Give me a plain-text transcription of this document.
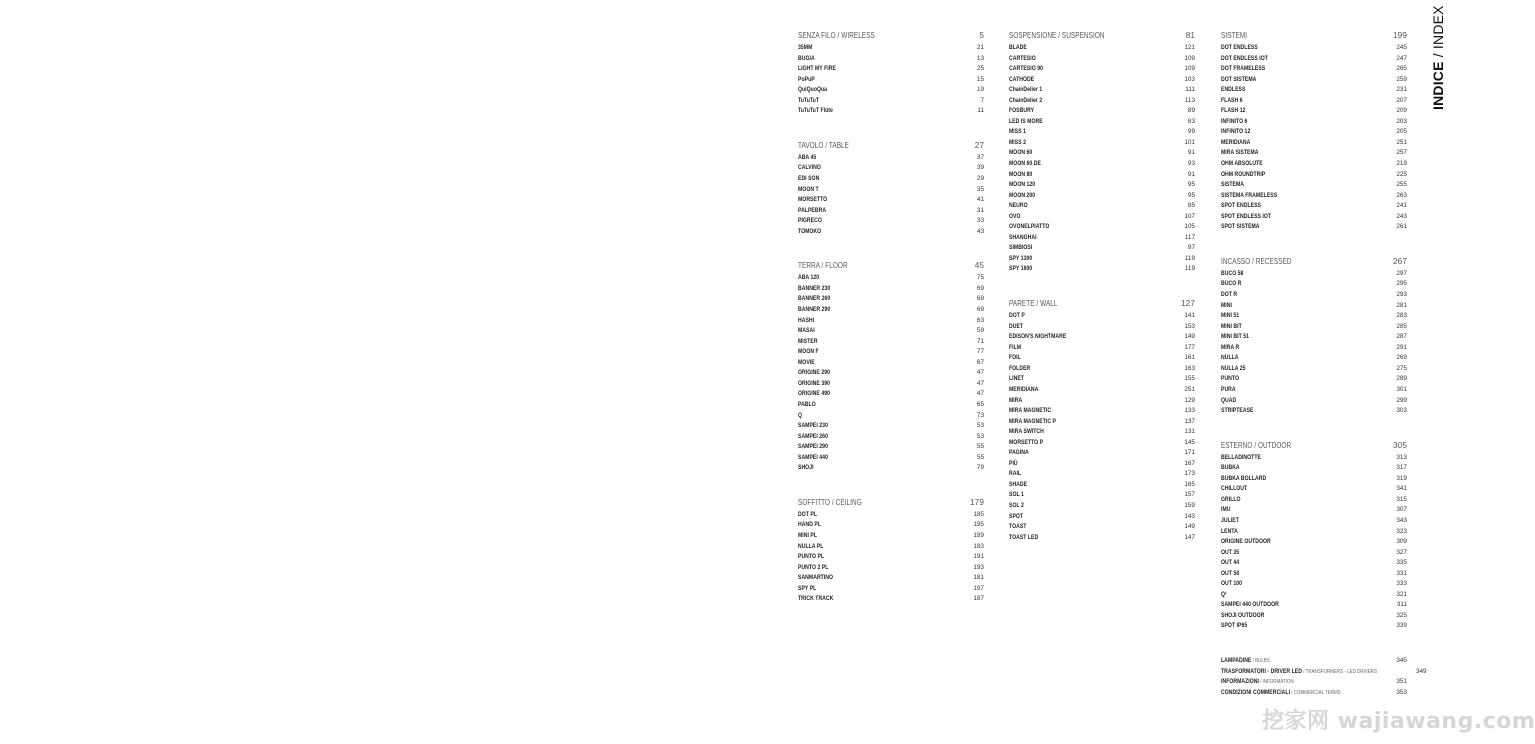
SENZA FILO / WIRELESS	5
35MM	21
BUGIA	13
LIGHT MY FIRE	25
PoPuP	15
QuiQuoQua	19
TuTuTuT	7
TuTuTuT Flûte	11
TAVOLO / TABLE	27
ABA 45	37
CALVINO	39
EDI SON	29
MOON T	35
MORSETTO	41
PALPEBRA	31
PIGRECO	33
TOMOKO	43
TERRA / FLOOR	45
ABA 120	75
BANNER 230	69
BANNER 260	69
BANNER 290	69
HASHI	63
MASAI	59
MISTER	71
MOON F	77
MOVIE	67
ORIGINE 290	47
ORIGINE 390	47
ORIGINE 490	47
PABLO	65
Q	73
SAMPEI 230	53
SAMPEI 260	53
SAMPEI 290	55
SAMPEI 440	55
SHOJI	79
SOFFITTO / CEILING	179
DOT PL	185
HAND PL	195
MINI PL	189
NULLA PL	183
PUNTO PL	191
PUNTO 2 PL	193
SANMARTINO	181
SPY PL	197
TRICK TRACK	187
SOSPENSIONE / SUSPENSION	81
BLADE	121
CARTESIO	109
CARTESIO 90	109
CATHODE	103
ChainDelier 1	111
ChainDelier 2	113
FOSBURY	89
LED IS MORE	83
MISS 1	99
MISS 2	101
MOON 60	91
MOON 60 DE	93
MOON 80	91
MOON 120	95
MOON 200	95
NEURO	85
OVO	107
OVONELPIATTO	105
SHANGHAI	117
SIMBIOSI	97
SPY 1300	119
SPY 1600	119
PARETE / WALL	127
DOT P	141
DUET	153
EDISON'S NIGHTMARE	149
FILM	177
FOIL	161
FOLDER	163
LINET	155
MERIDIANA	251
MIRA	129
MIRA MAGNETIC	133
MIRA MAGNETIC P	137
MIRA SWITCH	131
MORSETTO P	145
PAGINA	171
PIÙ	167
RAIL	173
SHADE	165
SOL 1	157
SOL 2	159
SPOT	143
TOAST	149
TOAST LED	147
SISTEMI	199
DOT ENDLESS	245
DOT ENDLESS IOT	247
DOT FRAMELESS	265
DOT SISTEMA	259
ENDLESS	231
FLASH 6	207
FLASH 12	209
INFINITO 6	203
INFINITO 12	205
MERIDIANA	251
MIRA SISTEMA	257
OHM ABSOLUTE	219
OHM ROUNDTRIP	225
SISTEMA	255
SISTEMA FRAMELESS	263
SPOT ENDLESS	241
SPOT ENDLESS IOT	243
SPOT SISTEMA	261
INCASSO / RECESSED	267
BUCO 58	297
BUCO R	295
DOT R	293
MINI	281
MINI 51	283
MINI BIT	285
MINI BIT 51	287
MIRA R	291
NULLA	269
NULLA 25	275
PUNTO	289
PURA	301
QUAD	299
STRIPTEASE	303
ESTERNO / OUTDOOR	305
BELLADINOTTE	313
BUBKA	317
BUBKA BOLLARD	319
CHILLOUT	341
GRILLO	315
IMU	307
JULIET	343
LENTA	323
ORIGINE OUTDOOR	309
OUT 35	327
OUT 44	335
OUT 58	331
OUT 100	333
Q¹	321
SAMPEI 440 OUTDOOR	311
SHOJI OUTDOOR	325
SPOT IP65	339
LAMPADINE / BULBS	345
TRASFORMATORI - DRIVER LED / TRANSFORMERS - LED DRIVERS	349
INFORMAZIONI / INFORMATION	351
CONDIZIONI COMMERCIALI / COMMERCIAL TERMS	353
INDICE / INDEX
挖家网 wajiawang.com
